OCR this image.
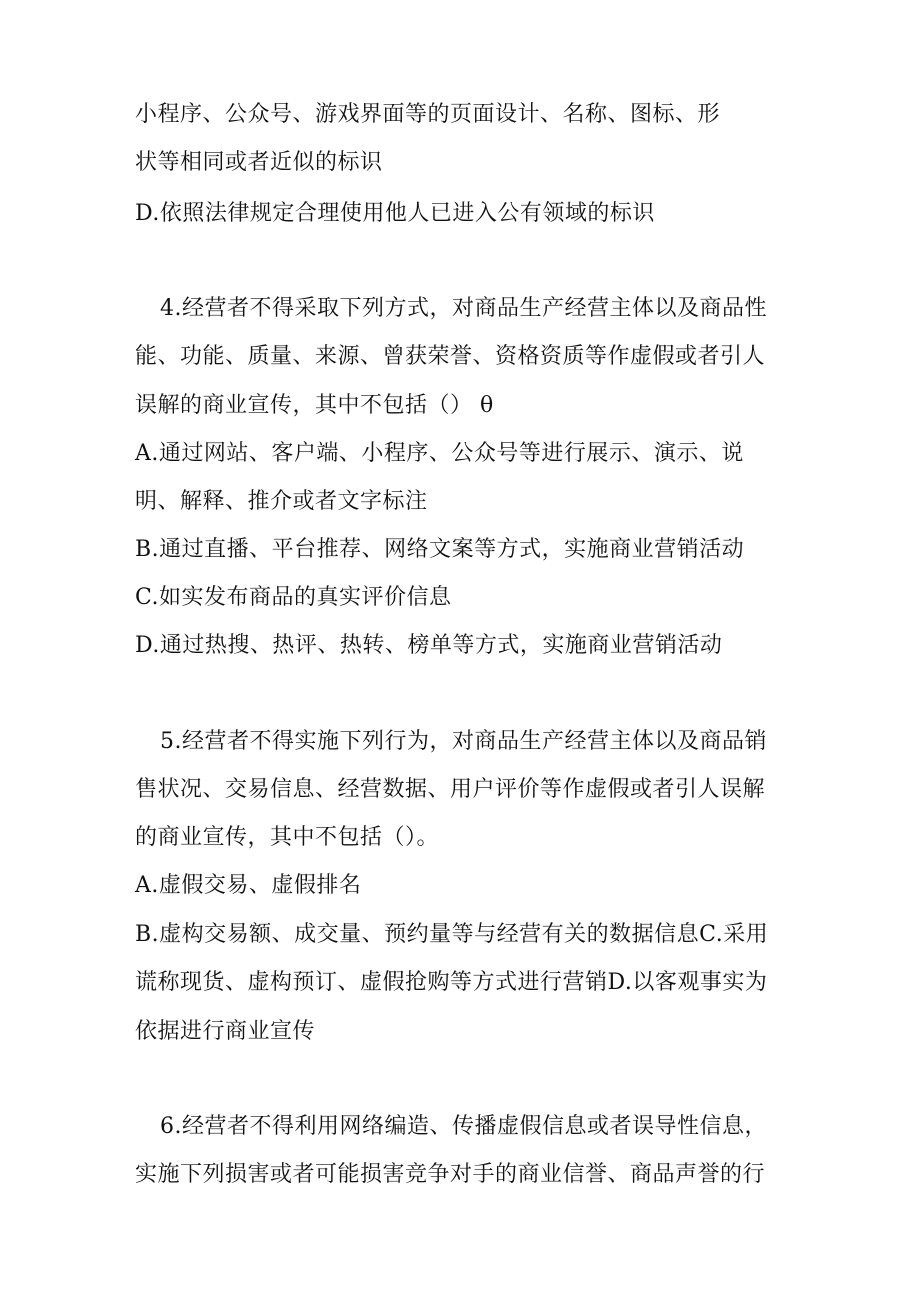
小程序、公众号、游戏界面等的页面设计、名称、图标、形
状等相同或者近似的标识
D.依照法律规定合理使用他人已进入公有领域的标识
4.经营者不得采取下列方式，对商品生产经营主体以及商品性
能、功能、质量、来源、曾获荣誉、资格资质等作虚假或者引人
误解的商业宣传，其中不包括（） θ
A.通过网站、客户端、小程序、公众号等进行展示、演示、说
明、解释、推介或者文字标注
B.通过直播、平台推荐、网络文案等方式，实施商业营销活动
C.如实发布商品的真实评价信息
D.通过热搜、热评、热转、榜单等方式，实施商业营销活动
5.经营者不得实施下列行为，对商品生产经营主体以及商品销
售状况、交易信息、经营数据、用户评价等作虚假或者引人误解
的商业宣传，其中不包括（）。
A.虚假交易、虚假排名
B.虚构交易额、成交量、预约量等与经营有关的数据信息C.采用
谎称现货、虚构预订、虚假抢购等方式进行营销D.以客观事实为
依据进行商业宣传
6.经营者不得利用网络编造、传播虚假信息或者误导性信息，
实施下列损害或者可能损害竞争对手的商业信誉、商品声誉的行
